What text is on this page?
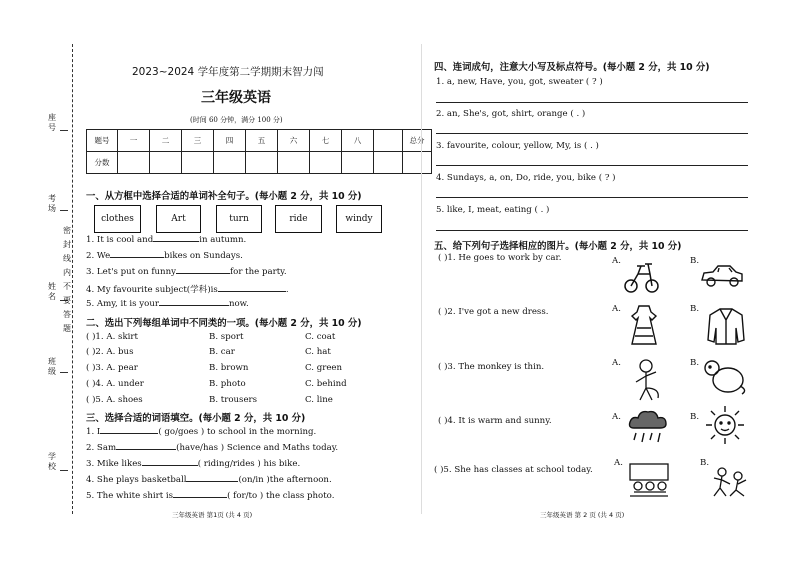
座号
考场
姓名
班级
学校
密
封
线
内
不
要
答
题
2023~2024 学年度第二学期期末智力闯
三年级英语
(时间 60 分钟，满分 100 分)
题号	一	二	三	四	五	六	七	八		总分
分数										
一、从方框中选择合适的单词补全句子。(每小题 2 分，共 10 分)
clothes	Art	turn	ride	windy
1. It is cool and	in autumn.
2. We	bikes on Sundays.
3. Let's put on funny	for the party.
4. My favourite subject(学科)is	.
5. Amy, it is your	now.
二、选出下列每组单词中不同类的一项。(每小题 2 分，共 10 分)
( )1. A. skirt	B. sport	C. coat
( )2. A. bus	B. car	C. hat
( )3. A. pear	B. brown	C. green
( )4. A. under	B. photo	C. behind
( )5. A. shoes	B. trousers	C. line
三、选择合适的词语填空。(每小题 2 分，共 10 分)
1. I	( go/goes ) to school in the morning.
2. Sam	(have/has ) Science and Maths today.
3. Mike likes	( riding/rides ) his bike.
4. She plays basketball	(on/in )the afternoon.
5. The white shirt is	( for/to ) the class photo.
三年级英语 第1页 (共 4 页)
四、连词成句，注意大小写及标点符号。(每小题 2 分，共 10 分)
1. a, new, Have, you, got, sweater ( ? )
2. an, She's, got, shirt, orange ( . )
3. favourite, colour, yellow, My, is ( . )
4. Sundays, a, on, Do, ride, you, bike ( ? )
5. like, I, meat, eating ( . )
五、给下列句子选择相应的图片。(每小题 2 分，共 10 分)
( )1. He goes to work by car.	A.	B.
( )2. I've got a new dress.	A.	B.
( )3. The monkey is thin.	A.	B.
( )4. It is warm and sunny.	A.	B.
( )5. She has classes at school today.
A.	B.
三年级英语 第 2 页 (共 4 页)
